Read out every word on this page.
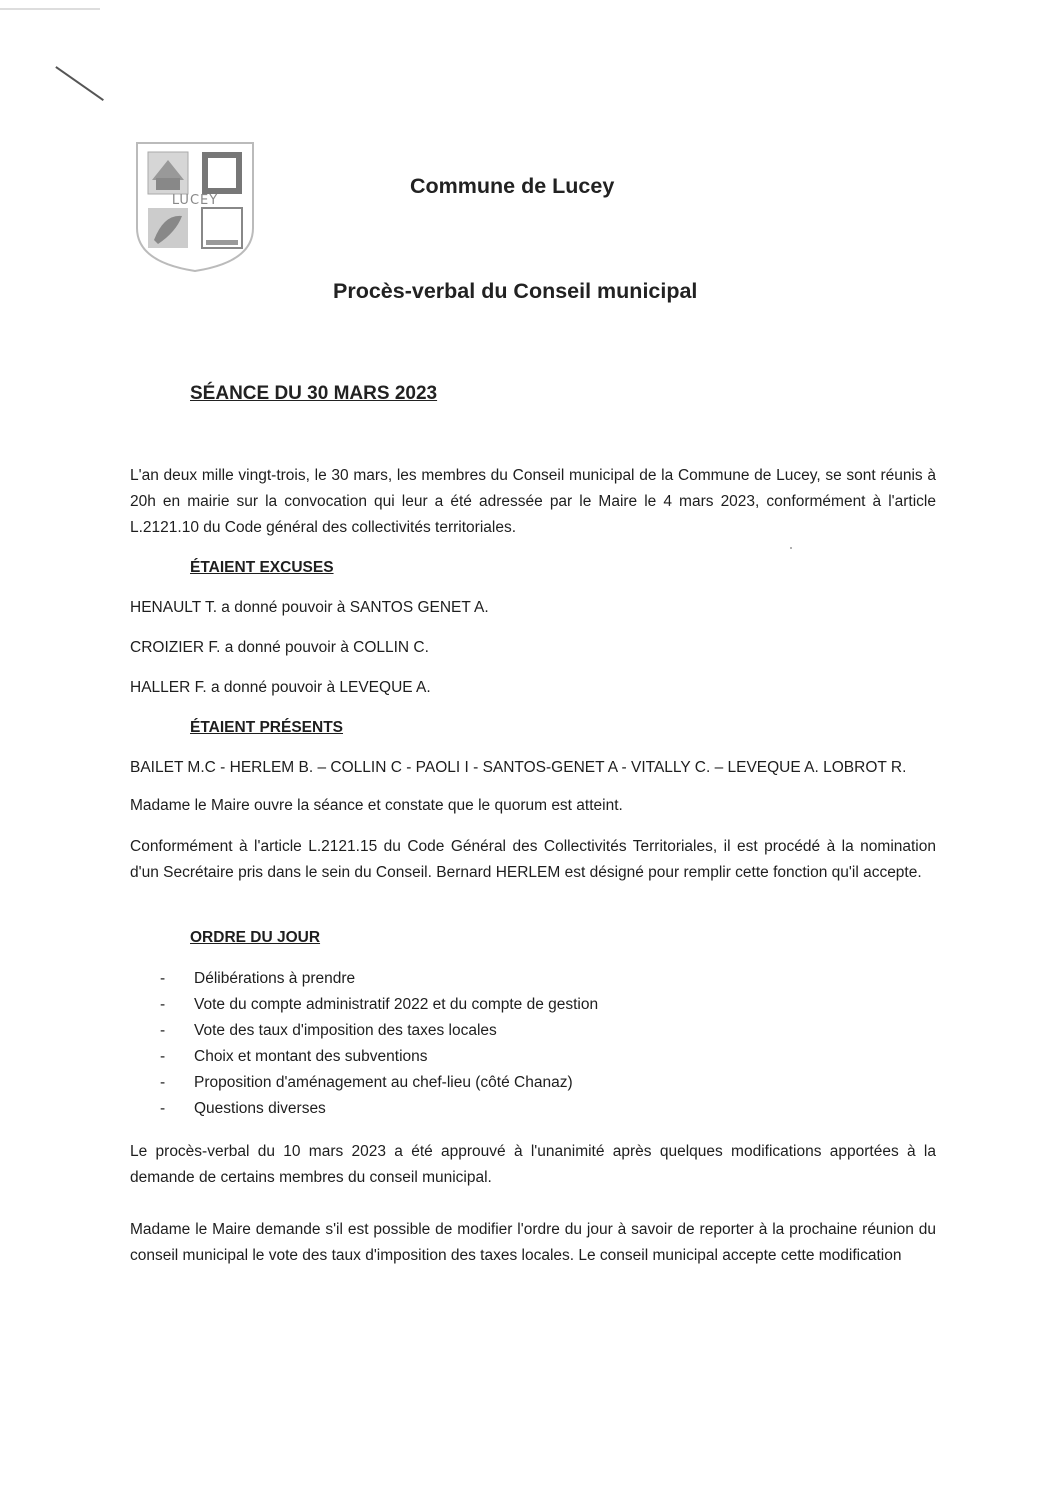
LUCEY
Commune de Lucey
Procès-verbal du Conseil municipal
SÉANCE DU 30 MARS 2023

L'an deux mille vingt-trois, le 30 mars, les membres du Conseil municipal de la Commune de Lucey, se sont réunis à 20h en mairie sur la convocation qui leur a été adressée par le Maire le 4 mars 2023, conformément à l'article L.2121.10 du Code général des collectivités territoriales.

ÉTAIENT EXCUSES
HENAULT T. a donné pouvoir à SANTOS GENET A.
CROIZIER F. a donné pouvoir à COLLIN C.
HALLER F. a donné pouvoir à LEVEQUE A.
ÉTAIENT PRÉSENTS
BAILET M.C - HERLEM B. – COLLIN C - PAOLI I - SANTOS-GENET A - VITALLY C. – LEVEQUE A. LOBROT R.
Madame le Maire ouvre la séance et constate que le quorum est atteint.

Conformément à l'article L.2121.15 du Code Général des Collectivités Territoriales, il est procédé à la nomination d'un Secrétaire pris dans le sein du Conseil. Bernard HERLEM est désigné pour remplir cette fonction qu'il accepte.

ORDRE DU JOUR
- Délibérations à prendre
- Vote du compte administratif 2022 et du compte de gestion
- Vote des taux d'imposition des taxes locales
- Choix et montant des subventions
- Proposition d'aménagement au chef-lieu (côté Chanaz)
- Questions diverses

Le procès-verbal du 10 mars 2023 a été approuvé à l'unanimité après quelques modifications apportées à la demande de certains membres du conseil municipal.

Madame le Maire demande s'il est possible de modifier l'ordre du jour à savoir de reporter à la prochaine réunion du conseil municipal le vote des taux d'imposition des taxes locales. Le conseil municipal accepte cette modification
